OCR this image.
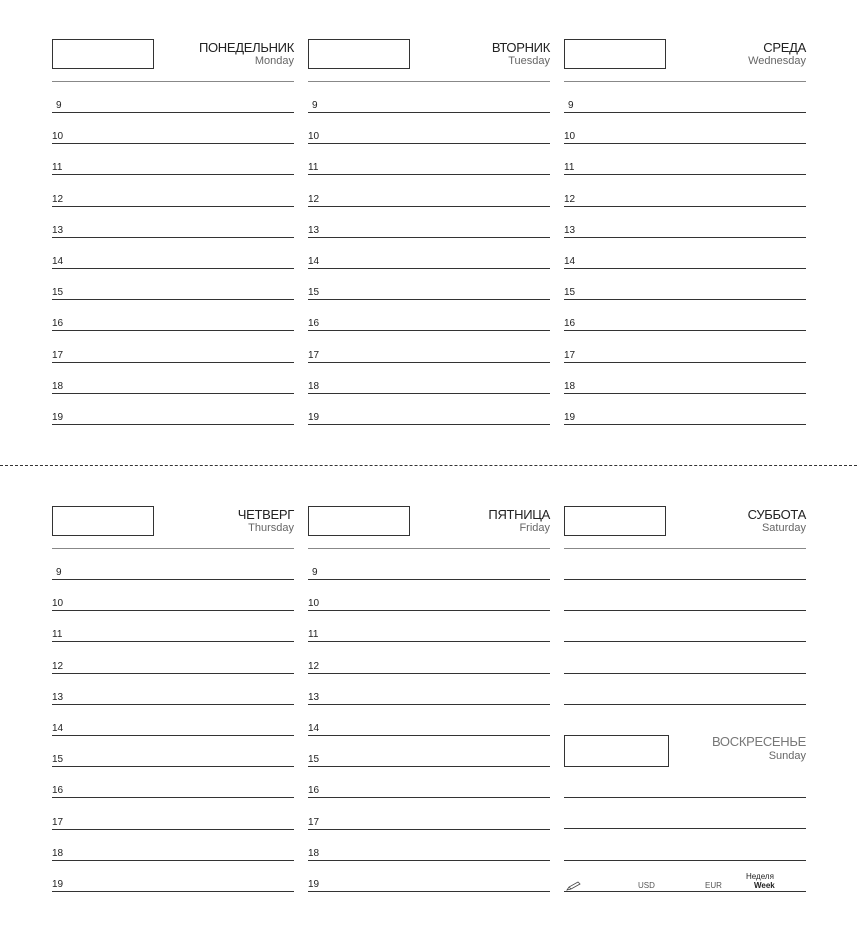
ПОНЕДЕЛЬНИК
Monday
9
10
11
12
13
14
15
16
17
18
19
ВТОРНИК
Tuesday
9
10
11
12
13
14
15
16
17
18
19
СРЕДА
Wednesday
9
10
11
12
13
14
15
16
17
18
19
ЧЕТВЕРГ
Thursday
9
10
11
12
13
14
15
16
17
18
19
ПЯТНИЦА
Friday
9
10
11
12
13
14
15
16
17
18
19
СУББОТА
Saturday
ВОСКРЕСЕНЬЕ
Sunday
USD	EUR
Неделя
Week
